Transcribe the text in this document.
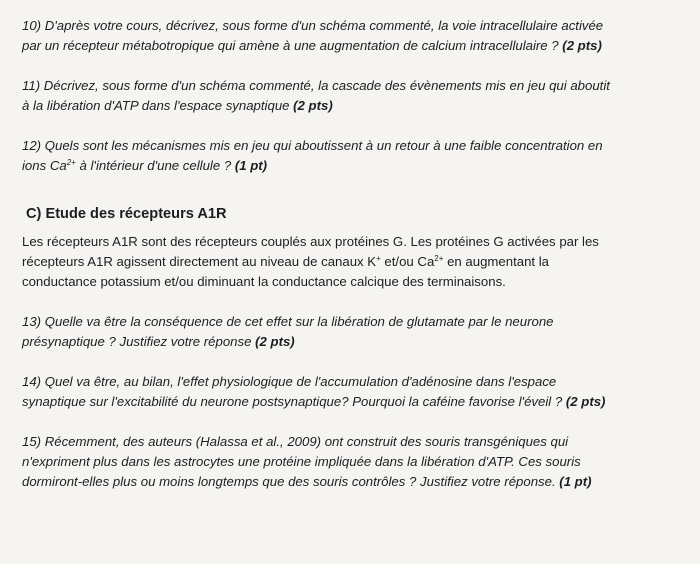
10) D'après votre cours, décrivez, sous forme d'un schéma commenté, la voie intracellulaire activée
par un récepteur métabotropique qui amène à une augmentation de calcium intracellulaire ? (2 pts)
11) Décrivez, sous forme d'un schéma commenté, la cascade des évènements mis en jeu qui aboutit
à la libération d'ATP dans l'espace synaptique (2 pts)
12) Quels sont les mécanismes mis en jeu qui aboutissent à un retour à une faible concentration en
ions $Ca^{2+}$ à l'intérieur d'une cellule ? (1 pt)
C) Etude des récepteurs A1R
Les récepteurs A1R sont des récepteurs couplés aux protéines G. Les protéines G activées par les
récepteurs A1R agissent directement au niveau de canaux K+ et/ou $Ca^{2+}$ en augmentant la
conductance potassium et/ou diminuant la conductance calcique des terminaisons.
13) Quelle va être la conséquence de cet effet sur la libération de glutamate par le neurone
présynaptique ? Justifiez votre réponse (2 pts)
14) Quel va être, au bilan, l'effet physiologique de l'accumulation d'adénosine dans l'espace
synaptique sur l'excitabilité du neurone postsynaptique? Pourquoi la caféine favorise l'éveil ? (2 pts)
15) Récemment, des auteurs (Halassa et al., 2009) ont construit des souris transgéniques qui
n'expriment plus dans les astrocytes une protéine impliquée dans la libération d'ATP. Ces souris
dormiront-elles plus ou moins longtemps que des souris contrôles ? Justifiez votre réponse. (1 pt)
